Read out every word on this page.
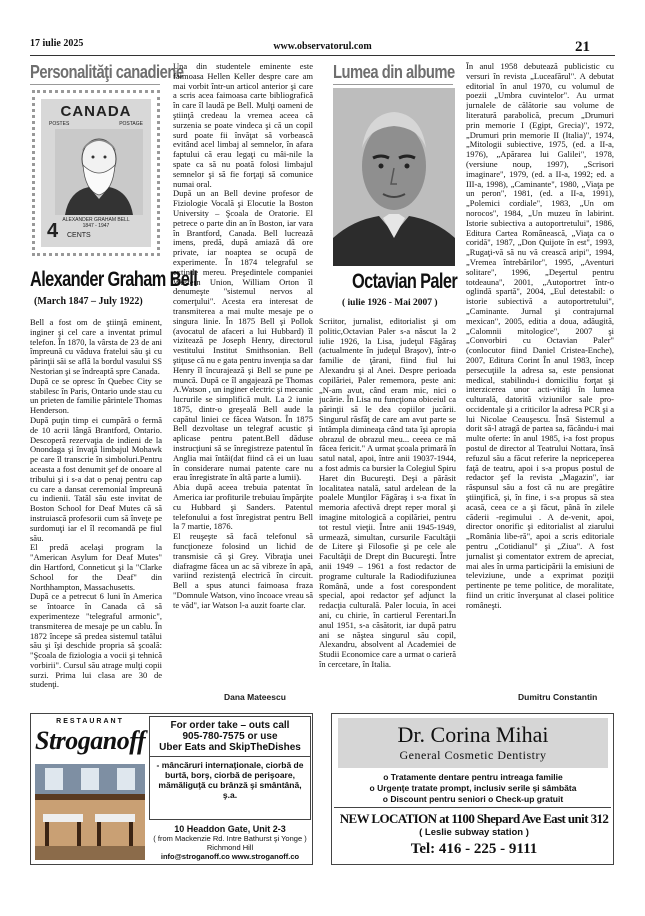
17 iulie 2025	www.observatorul.com	21
Personalităţi canadiene
CANADA
POSTES	POSTAGE
ALEXANDER GRAHAM BELL
1847 - 1947
4 CENTS
Alexander Graham Bell
(March 1847 – July 1922)

Bell a fost om de ştiinţă eminent, inginer şi cel care a inventat primul telefon. În 1870, la vârsta de 23 de ani împreună cu văduva fratelui său şi cu părinţii săi se află la bordul vasului SS Nestorian şi se îndreaptă spre Canada.

După ce se opresc în Quebec City se stabilesc în Paris, Ontario unde stau cu un prieten de familie pârintele Thomas Henderson.

După puţin timp ei cumpără o fermă de 10 acrii lângă Brantford, Ontario. Descoperă rezervaţia de indieni de la Onondaga şi învaţă limbajul Mohawk pe care îl transcrie în simboluri.Pentru aceasta a fost denumit şef de onoare al tribului şi i s-a dat o penaj pentru cap cu care a dansat ceremonial împreună cu indienii. Tatăl său este invitat de Boston School for Deaf Mutes că să instruiască profesorii cum să înveţe pe surdomuţi iar el îl recomandă pe fiul său.

El predă acelaşi program la "American Asylum for Deaf Mutes" din Hartford, Conneticut şi la "Clarke School for the Deaf" din Northhampton, Massachusetts.

După ce a petrecut 6 luni în America se întoarce în Canada că să experimenteze "telegraful armonic", transmiterea de mesaje pe un cablu. În 1872 începe să predea sistemul tatălui său şi îşi deschide propria să şcoală: "Şcoala de fiziologia a vocii şi tehnică vorbirii". Cursul său atrage mulţi copii surzi. Prima lui clasa are 30 de studenţi.

Una din studentele eminente este faimoasa Hellen Keller despre care am mai vorbit într-un articol anterior şi care a scris acea faimoasa carte bibliografică în care îl laudă pe Bell. Mulţi oameni de ştiinţă credeau la vremea aceea că surzenia se poate vindeca şi că un copil surd poate fii învăţat să vorbească evitând acel limbaj al semnelor, în afara faptului că erau legaţi cu mâi-nile la spate ca să nu poată folosi limbajul semnelor şi să fie forţaţi să comunice numai oral.

După un an Bell devine profesor de Fiziologie Vocală şi Elocutie la Boston University – Şcoala de Oratorie. El petrece o parte din an în Boston, iar vara în Brantford, Canada. Bell lucrează imens, predă, după amiază dă ore private, iar noaptea se ocupă de experimente. În 1874 telegraful se extinde mereu. Preşedintele companiei Western Union, William Orton îl denumeşte "sistemul nervos al comerţului". Acesta era interesat de transmiterea a mai multe mesaje pe o singura linie. În 1875 Bell şi Pollok (avocatul de afaceri a lui Hubbard) îl vizitează pe Joseph Henry, directorul vestitului Institut Smithsonian. Bell ştiţuse că nu e gata pentru invenţia sa dar Henry îl încurajează şi Bell se pune pe muncă. După ce îl angajează pe Thomas A.Watson , un inginer electric şi mecanic lucrurile se simplifică mult. La 2 iunie 1875, dintr-o greşeală Bell aude la capătul liniei ce făcea Watson. În 1875 Bell dezvoltase un telegraf acustic şi aplicase pentru patent.Bell dăduse instrucţiuni să se înregistreze patentul în Anglia mai întâi(dat fiind că ei un luau în considerare numai patente care nu erau înregistrate în altă parte a lumii).

Abia după aceea trebuia patentat în America iar profiturile trebuiau împărţite cu Hubbard şi Sanders. Patentul telefonului a fost înregistrat pentru Bell la 7 martie, 1876.

El reuşeşte să facă telefonul să funcţioneze folosind un lichid de transmisie că şi Grey. Vibraţia unei diafragme făcea un ac să vibreze în apă, variind rezistenţă electrică în circuit. Bell a spus atunci faimoasa fraza "Domnule Watson, vino încoace vreau să te văd", iar Watson l-a auzit foarte clar.

Dana Mateescu
Lumea din albume
Octavian Paler
( iulie 1926 - Mai 2007 )

Scriitor, jurnalist, editorialist şi om politic,Octavian Paler s-a născut la 2 iulie 1926, la Lisa, judeţul Făgăraş (actualmente în judeţul Braşov), într-o familie de ţărani, fiind fiul lui Alexandru şi al Anei. Despre perioada copilăriei, Paler rememora, peste ani: „N-am avut, când eram mic, nici o jucărie. În Lisa nu funcţiona obiceiul ca părinţii să le dea copiilor jucării. Singurul răsfăţ de care am avut parte se întâmpla dimineaţa când tata îşi apropia obrazul de obrazul meu... ceeea ce mă făcea fericit." A urmat şcoala primară în satul natal, apoi, între anii 19037-1944, a fost admis ca bursier la Colegiul Spiru Haret din Bucureşti. Deşi a părăsit localitatea natală, satul ardelean de la poalele Munţilor Făgăraş i s-a fixat în memoria afectivă drept reper moral şi imagine mitologică a copilăriei, pentru tot restul vieţii. Între anii 1945-1949, urmează, simultan, cursurile Facultăţii de Litere şi Filosofie şi pe cele ale Facultăţii de Drept din Bucureşti. Între anii 1949 – 1961 a fost redactor de programe culturale la Radiodifuziunea Română, unde a fost corespondent special, apoi redactor şef adjunct la redacţia culturală. Paler locuia, în acei ani, cu chirie, în cartierul Ferentari.În anul 1951, s-a căsătorit, iar după patru ani se năştea singurul său copil, Alexandru, absolvent al Academiei de Studii Economice care a urmat o carieră în cercetare, în Italia.

În anul 1958 debutează publicistic cu versuri în revista „Luceafărul". A debutat editorial în anul 1970, cu volumul de poezii „Umbra cuvintelor". Au urmat jurnalele de călătorie sau volume de literatură parabolică, precum „Drumuri prin memorie I (Egipt, Grecia)", 1972, „Drumuri prin memorie II (Italia)", 1974, „Mitologii subiective, 1975, (ed. a II-a, 1976), „Apărarea lui Galilei", 1978, (versiune noup, 1997), „Scrisori imaginare", 1979, (ed. a II-a, 1992; ed. a III-a, 1998), „Caminante", 1980, „Viaţa pe un peron", 1981, (ed. a II-a, 1991), „Polemici cordiale", 1983, „Un om norocos", 1984, „Un muzeu în labirint. Istorie subiectiva a autoportretului", 1986, Editura Cartea Românească, „Viaţa ca o coridă", 1987, „Don Quijote în est", 1993, „Rugaţi-vă să nu vă crească aripi", 1994, „Vremea întrebărilor", 1995, „Aventuri solitare", 1996, „Deşertul pentru totdeauna", 2001, „Autoportret într-o oglindă spartă", 2004, „Eul detestabil: o istorie subiectivă a autoportretului", „Caminante. Jurnal şi contrajurnal mexican", 2005, editia a doua, adăugită, „Calomnii mitologice", 2007 şi „Convorbiri cu Octavian Paler" (conlocutor fiind Daniel Cristea-Enche), 2007, Editura Corint În anul 1983, încep persecuţiile la adresa sa, este pensionat medical, stabilindu-i domiciliu forţat şi interzicerea unor acti-vităţi în lumea culturală, datorită viziunilor sale pro-occidentale şi a criticilor la adresa PCR şi a lui Nicolae Ceauşescu. Însă Sistemul a dorit să-l atragă de partea sa, făcându-i mai multe oferte: în anul 1985, i-a fost propus postul de director al Teatrului Nottara, însă refuzul său a făcut referire la nepriceperea faţă de teatru, apoi i s-a propus postul de redactor şef la revista „Magazin", iar răspunsul său a fost că nu are pregătire ştiinţifică, şi, în fine, i s-a propus să stea acasă, ceea ce a şi făcut, până în zilele căderii -regimului . A de-venit, apoi, director onorific şi editorialist al ziarului „România libe-ră", apoi a scris editoriale pentru „Cotidianul" şi „Ziua". A fost jurnalist şi comentator extrem de apreciat, mai ales în urma participării la emisiuni de televiziune, unde a exprimat poziţii pertinente pe teme politice, de moralitate, fiind un critic înverşunat al clasei politice româneşti.

Dumitru Constantin
RESTAURANT
Stroganoff
For order take – outs call
905-780-7575 or use
Uber Eats and SkipTheDishes
- mâncăruri internaţionale, ciorbă de burtă, borş, ciorbă de perişoare, mămăliguţă cu brânză şi smântână, ş.a.
10 Headdon Gate, Unit 2-3
( from Mackenzie Rd. Intre Bathurst şi Yonge ) Richmond Hill
info@stroganoff.co www.stroganoff.co
Dr. Corina Mihai
General Cosmetic Dentistry
o Tratamente dentare pentru intreaga familie
o Urgenţe tratate prompt, inclusiv serile şi sâmbăta
o Discount pentru seniori o Check-up gratuit
NEW LOCATION at 1100 Shepard Ave East unit 312
( Leslie subway station )
Tel: 416 - 225 - 9111
